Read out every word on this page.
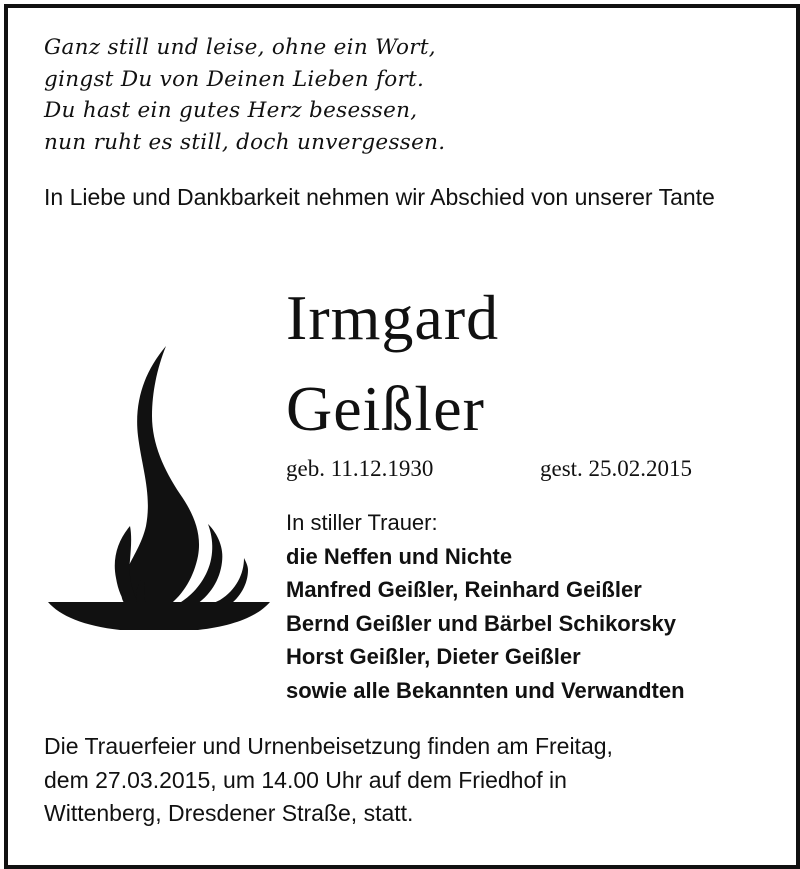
Ganz still und leise, ohne ein Wort,
gingst Du von Deinen Lieben fort.
Du hast ein gutes Herz besessen,
nun ruht es still, doch unvergessen.
In Liebe und Dankbarkeit nehmen wir Abschied von unserer Tante
Irmgard
Geißler
geb. 11.12.1930	gest. 25.02.2015
In stiller Trauer:
die Neffen und Nichte
Manfred Geißler, Reinhard Geißler
Bernd Geißler und Bärbel Schikorsky
Horst Geißler, Dieter Geißler
sowie alle Bekannten und Verwandten
Die Trauerfeier und Urnenbeisetzung finden am Freitag,
dem 27.03.2015, um 14.00 Uhr auf dem Friedhof in
Wittenberg, Dresdener Straße, statt.
